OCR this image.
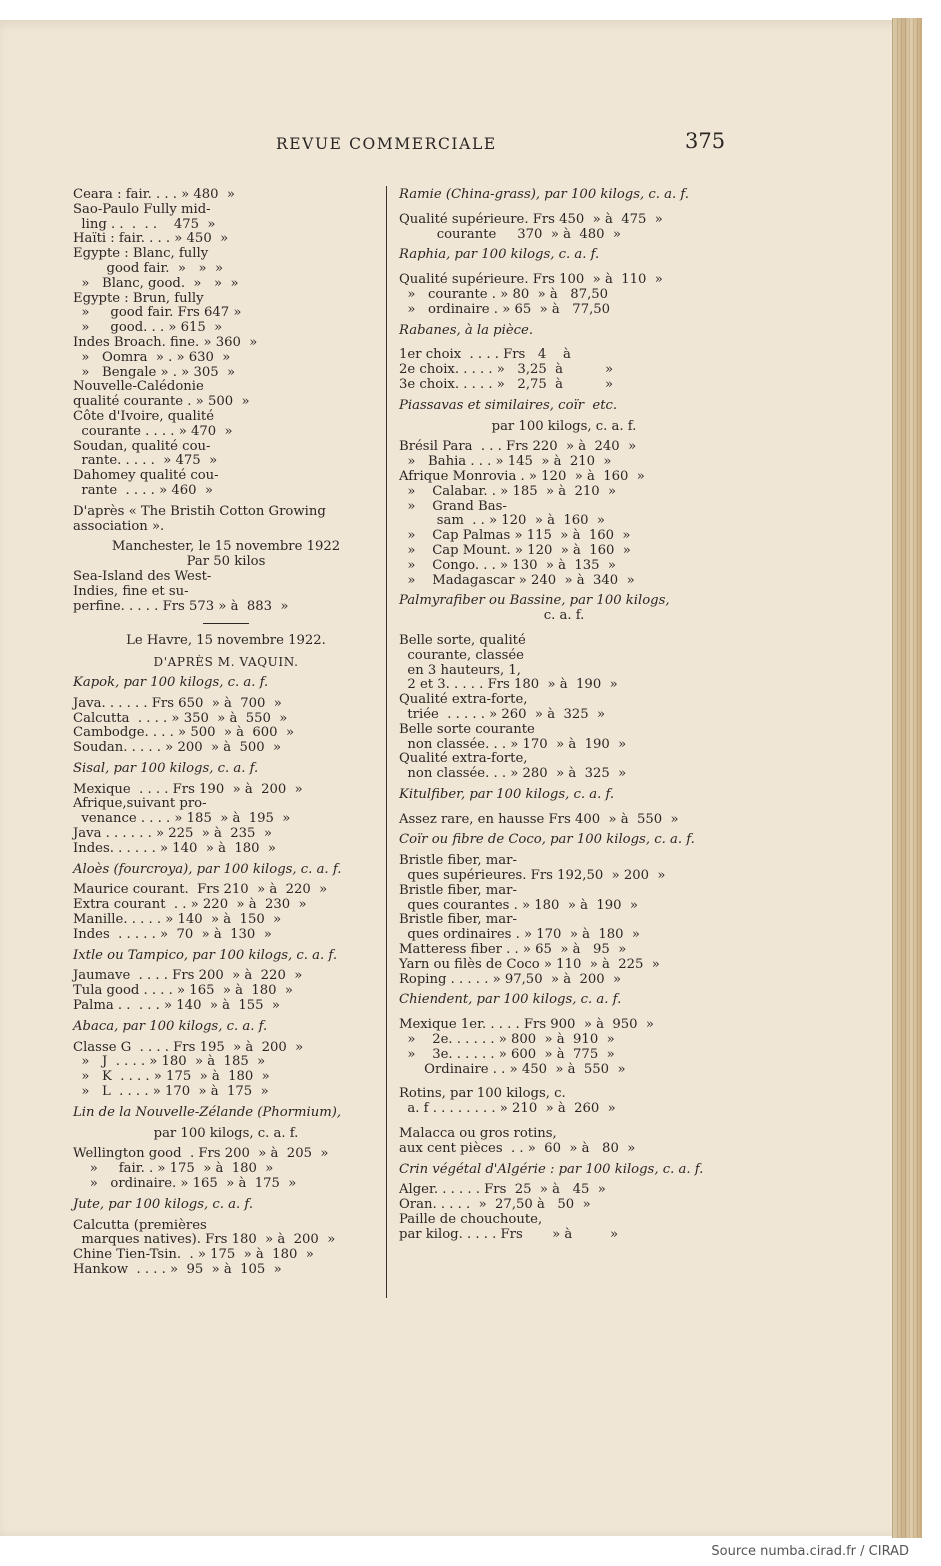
REVUE COMMERCIALE	375
Ceara : fair. . . . » 480  »
Sao-Paulo Fully mid-
ling . .  .  . .    475  »
Haïti : fair. . . . » 450  »
Egypte : Blanc, fully
good fair.  »   »  »
»   Blanc, good.  »   »  »
Egypte : Brun, fully
»     good fair. Frs 647 »
»     good. . . » 615  »
Indes Broach. fine. » 360  »
»   Oomra  » . » 630  »
»   Bengale » . » 305  »
Nouvelle-Calédonie
qualité courante . » 500  »
Côte d'Ivoire, qualité
courante . . . . » 470  »
Soudan, qualité cou-
rante. . . . .  » 475  »
Dahomey qualité cou-
rante  . . . . » 460  »
D'après « The Bristih Cotton Growing
association ».
Manchester, le 15 novembre 1922
Par 50 kilos
Sea-Island des West-
Indies, fine et su-
perfine. . . . . Frs 573 » à  883  »
Le Havre, 15 novembre 1922.
D'APRÈS M. VAQUIN.
Kapok, par 100 kilogs, c. a. f.
Java. . . . . . Frs 650  » à  700  »
Calcutta  . . . . » 350  » à  550  »
Cambodge. . . . » 500  » à  600  »
Soudan. . . . . » 200  » à  500  »
Sisal, par 100 kilogs, c. a. f.
Mexique  . . . . Frs 190  » à  200  »
Afrique,suivant pro-
venance . . . . » 185  » à  195  »
Java . . . . . . » 225  » à  235  »
Indes. . . . . . » 140  » à  180  »
Aloès (fourcroya), par 100 kilogs, c. a. f.
Maurice courant.  Frs 210  » à  220  »
Extra courant  . . » 220  » à  230  »
Manille. . . . . » 140  » à  150  »
Indes  . . . . . »  70  » à  130  »
Ixtle ou Tampico, par 100 kilogs, c. a. f.
Jaumave  . . . . Frs 200  » à  220  »
Tula good . . . . » 165  » à  180  »
Palma . .  . . . » 140  » à  155  »
Abaca, par 100 kilogs, c. a. f.
Classe G  . . . . Frs 195  » à  200  »
»   J  . . . . » 180  » à  185  »
»   K  . . . . » 175  » à  180  »
»   L  . . . . » 170  » à  175  »
Lin de la Nouvelle-Zélande (Phormium),
par 100 kilogs, c. a. f.
Wellington good  . Frs 200  » à  205  »
»     fair. . » 175  » à  180  »
»   ordinaire. » 165  » à  175  »
Jute, par 100 kilogs, c. a. f.
Calcutta (premières
marques natives). Frs 180  » à  200  »
Chine Tien-Tsin.  . » 175  » à  180  »
Hankow  . . . . »  95  » à  105  »
Ramie (China-grass), par 100 kilogs, c. a. f.
Qualité supérieure. Frs 450  » à  475  »
courante     370  » à  480  »
Raphia, par 100 kilogs, c. a. f.
Qualité supérieure. Frs 100  » à  110  »
»   courante . » 80  » à   87,50
»   ordinaire . » 65  » à   77,50
Rabanes, à la pièce.
1er choix  . . . . Frs   4    à
2e choix. . . . . »   3,25  à          »
3e choix. . . . . »   2,75  à          »
Piassavas et similaires, coïr  etc.
par 100 kilogs, c. a. f.
Brésil Para  . . . Frs 220  » à  240  »
»   Bahia . . . » 145  » à  210  »
Afrique Monrovia . » 120  » à  160  »
»    Calabar. . » 185  » à  210  »
»    Grand Bas-
sam  . . » 120  » à  160  »
»    Cap Palmas » 115  » à  160  »
»    Cap Mount. » 120  » à  160  »
»    Congo. . . » 130  » à  135  »
»    Madagascar » 240  » à  340  »
Palmyrafiber ou Bassine, par 100 kilogs,
c. a. f.
Belle sorte, qualité
courante, classée
en 3 hauteurs, 1,
2 et 3. . . . . Frs 180  » à  190  »
Qualité extra-forte,
triée  . . . . . » 260  » à  325  »
Belle sorte courante
non classée. . . » 170  » à  190  »
Qualité extra-forte,
non classée. . . » 280  » à  325  »
Kitulfiber, par 100 kilogs, c. a. f.
Assez rare, en hausse Frs 400  » à  550  »
Coïr ou fibre de Coco, par 100 kilogs, c. a. f.
Bristle fiber, mar-
ques supérieures. Frs 192,50  » 200  »
Bristle fiber, mar-
ques courantes . » 180  » à  190  »
Bristle fiber, mar-
ques ordinaires . » 170  » à  180  »
Matteress fiber . . » 65  » à   95  »
Yarn ou filès de Coco » 110  » à  225  »
Roping . . . . . » 97,50  » à  200  »
Chiendent, par 100 kilogs, c. a. f.
Mexique 1er. . . . . Frs 900  » à  950  »
»    2e. . . . . . » 800  » à  910  »
»    3e. . . . . . » 600  » à  775  »
Ordinaire . . » 450  » à  550  »
Rotins, par 100 kilogs, c.
a. f . . . . . . . . » 210  » à  260  »
Malacca ou gros rotins,
aux cent pièces  . . »  60  » à   80  »
Crin végétal d'Algérie : par 100 kilogs, c. a. f.
Alger. . . . . . Frs  25  » à   45  »
Oran. . . . .  »  27,50 à   50  »
Paille de chouchoute,
par kilog. . . . . Frs       » à         »
Source numba.cirad.fr / CIRAD
